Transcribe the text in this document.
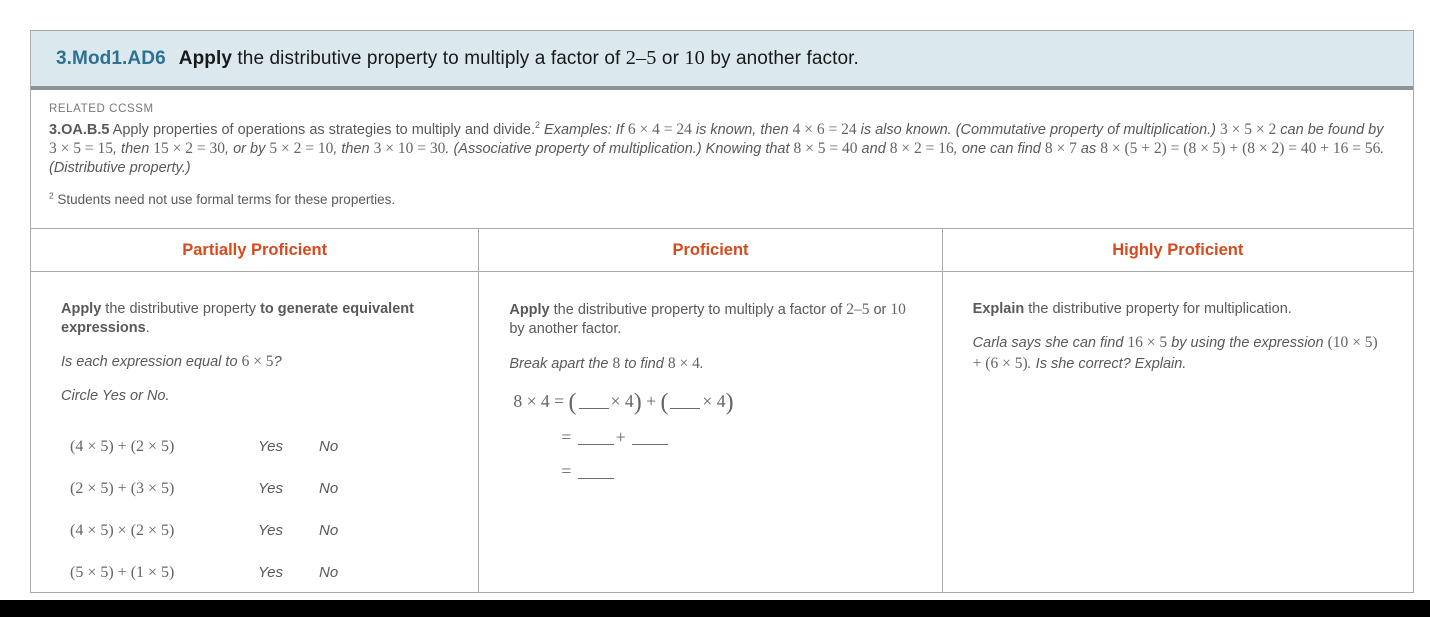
3.Mod1.AD6 Apply the distributive property to multiply a factor of 2–5 or 10 by another factor.
RELATED CCSSM
3.OA.B.5 Apply properties of operations as strategies to multiply and divide.$^2$ Examples: If 6 × 4 = 24 is known, then 4 × 6 = 24 is also known. (Commutative property of multiplication.) 3 × 5 × 2 can be found by 3 × 5 = 15, then 15 × 2 = 30, or by 5 × 2 = 10, then 3 × 10 = 30. (Associative property of multiplication.) Knowing that 8 × 5 = 40 and 8 × 2 = 16, one can find 8 × 7 as 8 × (5 + 2) = (8 × 5) + (8 × 2) = 40 + 16 = 56. (Distributive property.)
$^2$ Students need not use formal terms for these properties.
Partially Proficient	Proficient	Highly Proficient

Apply the distributive property to generate equivalent expressions.

Is each expression equal to 6 × 5?

Circle Yes or No.

(4 × 5) + (2 × 5)	Yes	No
(2 × 5) + (3 × 5)	Yes	No
(4 × 5) × (2 × 5)	Yes	No
(5 × 5) + (1 × 5)	Yes	No

Apply the distributive property to multiply a factor of 2–5 or 10 by another factor.

Break apart the 8 to find 8 × 4.

8 × 4 = ( × 4) + ( × 4)
= +
=

Explain the distributive property for multiplication.

Carla says she can find 16 × 5 by using the expression (10 × 5) + (6 × 5). Is she correct? Explain.
